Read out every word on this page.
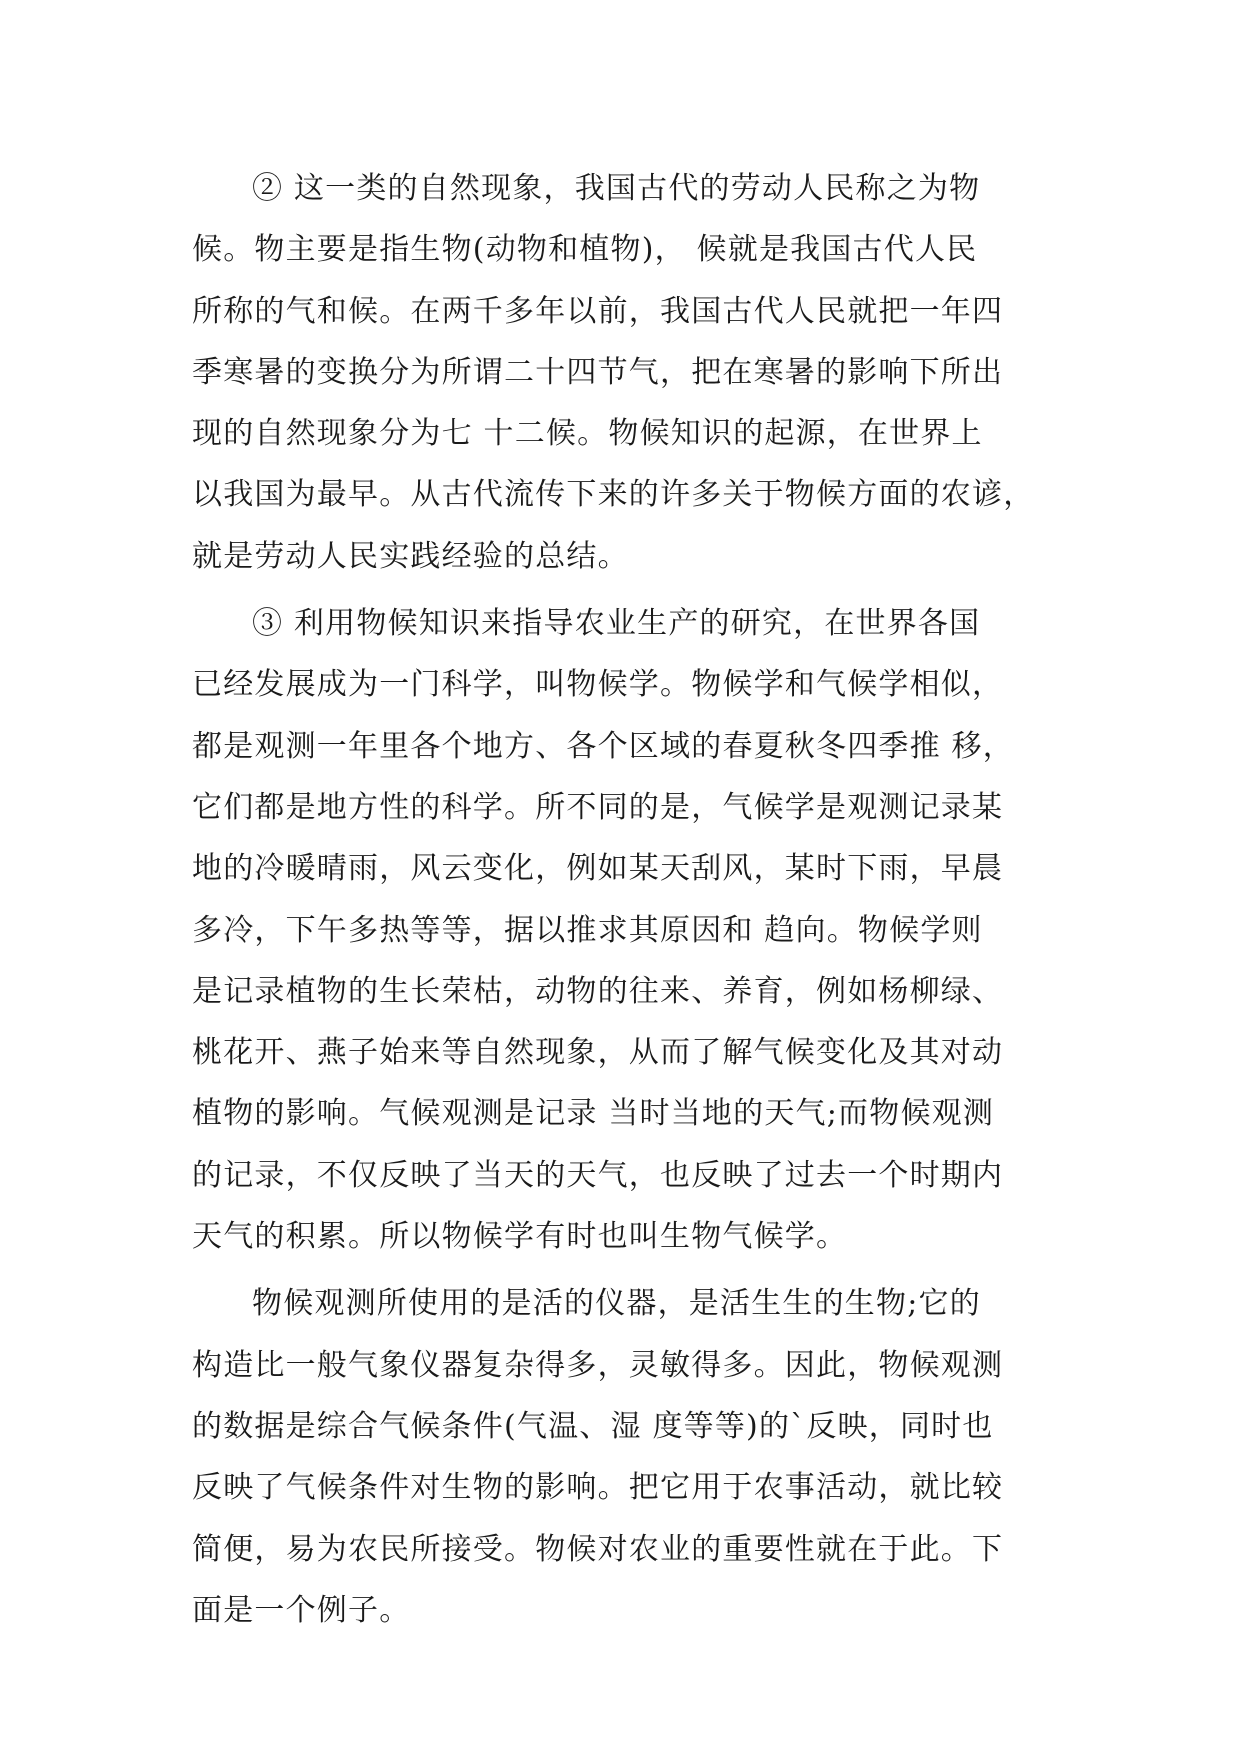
② 这一类的自然现象，我国古代的劳动人民称之为物
候。物主要是指生物(动物和植物)， 候就是我国古代人民
所称的气和候。在两千多年以前，我国古代人民就把一年四
季寒暑的变换分为所谓二十四节气，把在寒暑的影响下所出
现的自然现象分为七 十二候。物候知识的起源，在世界上
以我国为最早。从古代流传下来的许多关于物候方面的农谚，
就是劳动人民实践经验的总结。
③ 利用物候知识来指导农业生产的研究，在世界各国
已经发展成为一门科学，叫物候学。物候学和气候学相似，
都是观测一年里各个地方、各个区域的春夏秋冬四季推 移，
它们都是地方性的科学。所不同的是，气候学是观测记录某
地的冷暖晴雨，风云变化，例如某天刮风，某时下雨，早晨
多冷，下午多热等等，据以推求其原因和 趋向。物候学则
是记录植物的生长荣枯，动物的往来、养育，例如杨柳绿、
桃花开、燕子始来等自然现象，从而了解气候变化及其对动
植物的影响。气候观测是记录 当时当地的天气;而物候观测
的记录，不仅反映了当天的天气，也反映了过去一个时期内
天气的积累。所以物候学有时也叫生物气候学。
物候观测所使用的是活的仪器，是活生生的生物;它的
构造比一般气象仪器复杂得多，灵敏得多。因此，物候观测
的数据是综合气候条件(气温、湿 度等等)的`反映，同时也
反映了气候条件对生物的影响。把它用于农事活动，就比较
简便，易为农民所接受。物候对农业的重要性就在于此。下
面是一个例子。
